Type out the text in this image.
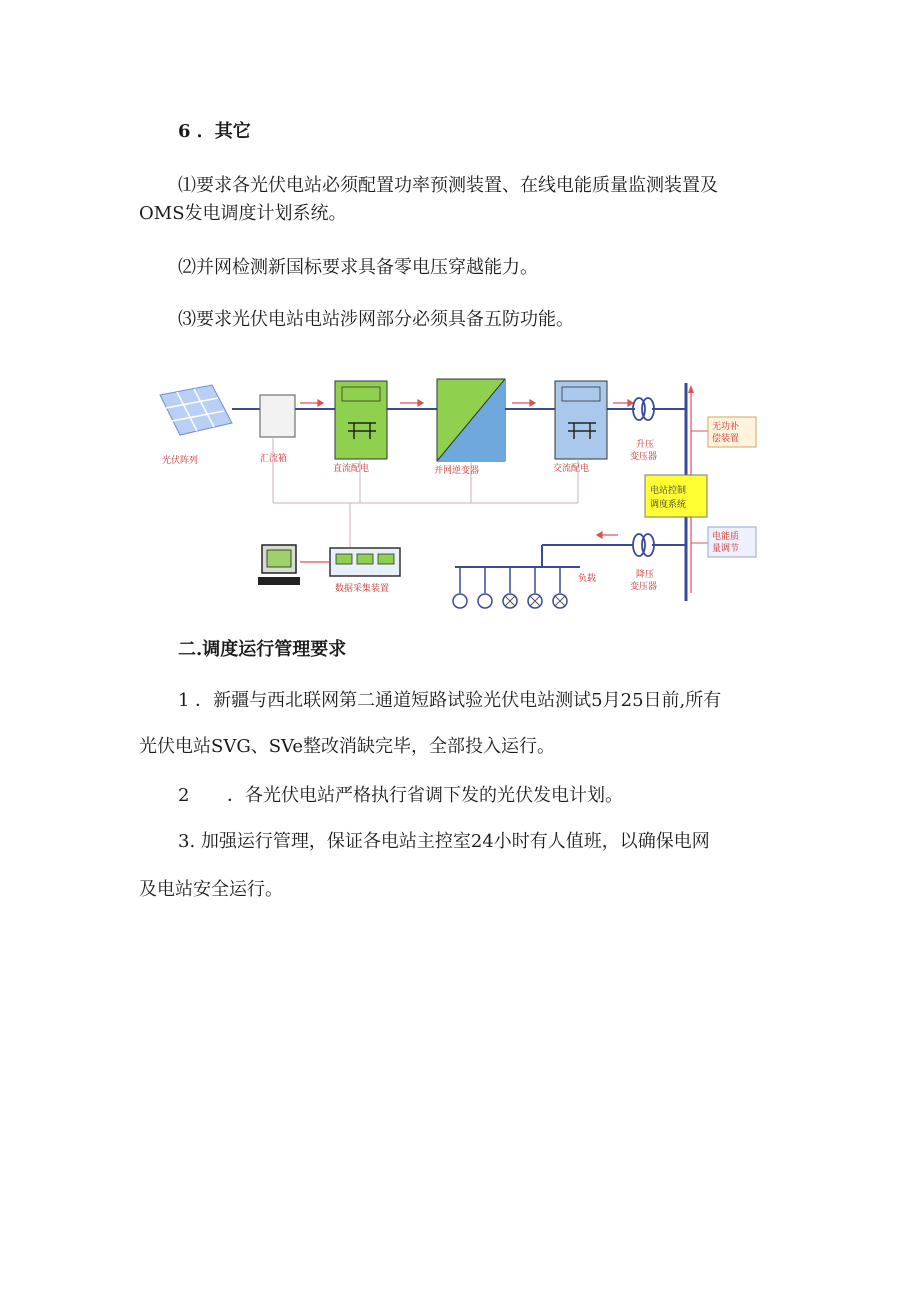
6 ．其它
⑴要求各光伏电站必须配置功率预测装置、在线电能质量监测装置及
OMS发电调度计划系统。
⑵并网检测新国标要求具备零电压穿越能力。
⑶要求光伏电站电站涉网部分必须具备五防功能。
光伏阵列	汇流箱
直流配电	并网逆变器	交流配电
升压
变压器
无功补
偿装置
电站控制
调度系统
电能质
量调节
降压
变压器
负载
数据采集装置
二.调度运行管理要求
1 ．新疆与西北联网第二通道短路试验光伏电站测试5月25日前,所有
光伏电站SVG、SVe整改消缺完毕，全部投入运行。
2 ．各光伏电站严格执行省调下发的光伏发电计划。
3. 加强运行管理，保证各电站主控室24小时有人值班，以确保电网
及电站安全运行。
